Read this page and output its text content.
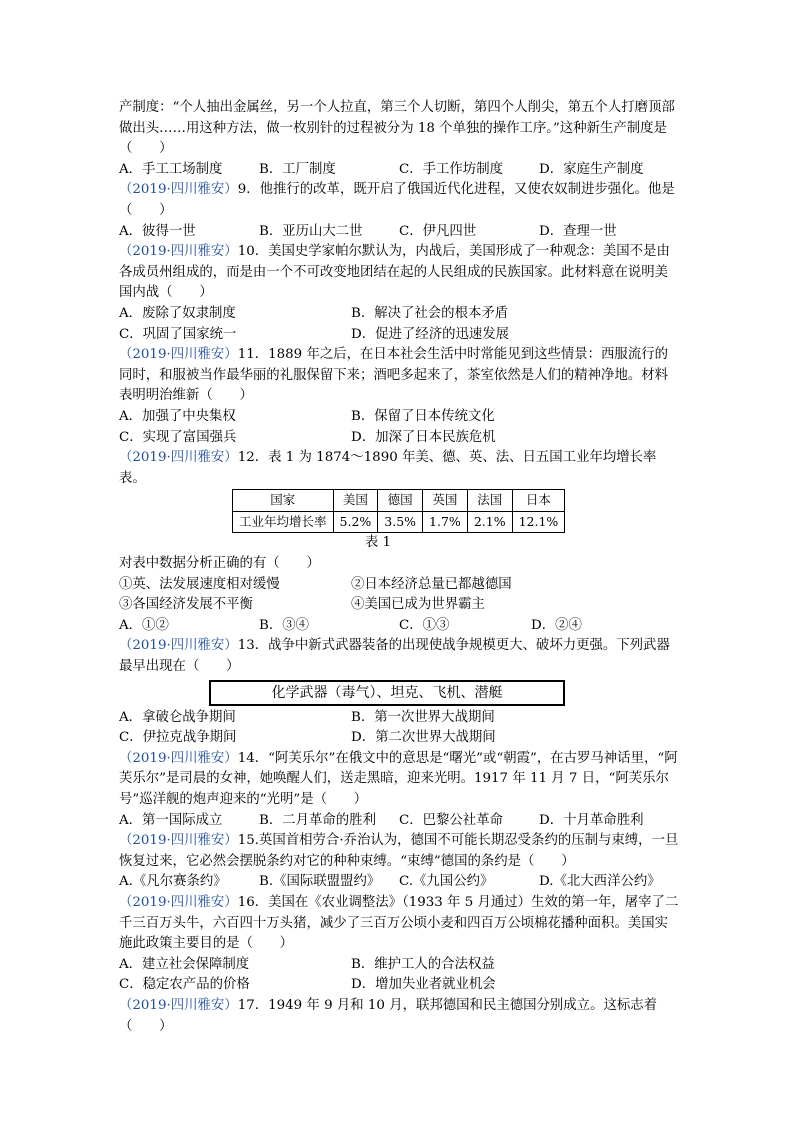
产制度：“个人抽出金属丝，另一个人拉直，第三个人切断，第四个人削尖，第五个人打磨顶部做出头……用这种方法，做一枚别针的过程被分为 18 个单独的操作工序。”这种新生产制度是（　　）

A．手工工场制度	B．工厂制度	C．手工作坊制度	D．家庭生产制度

（2019·四川雅安）9．他推行的改革，既开启了俄国近代化进程，又使农奴制进步强化。他是（　　）

A．彼得一世	B．亚历山大二世	C．伊凡四世	D．查理一世

（2019·四川雅安）10．美国史学家帕尔默认为，内战后，美国形成了一种观念：美国不是由各成员州组成的，而是由一个不可改变地团结在起的人民组成的民族国家。此材料意在说明美国内战（　　）

A．废除了奴隶制度	B．解决了社会的根本矛盾
C．巩固了国家统一	D．促进了经济的迅速发展

（2019·四川雅安）11．1889 年之后，在日本社会生活中时常能见到这些情景：西服流行的同时，和服被当作最华丽的礼服保留下来；酒吧多起来了，茶室依然是人们的精神净地。材料表明明治维新（　　）

A．加强了中央集权	B．保留了日本传统文化
C．实现了富国强兵	D．加深了日本民族危机

（2019·四川雅安）12．表 1 为 1874～1890 年美、德、英、法、日五国工业年均增长率表。

国家	美国	德国	英国	法国	日本
工业年均增长率	5.2%	3.5%	1.7%	2.1%	12.1%
表 1

对表中数据分析正确的有（　　）

①英、法发展速度相对缓慢	②日本经济总量已都越德国
③各国经济发展不平衡	④美国已成为世界霸主
A．①②	B．③④	C．①③	D．②④

（2019·四川雅安）13．战争中新式武器装备的出现使战争规模更大、破坏力更强。下列武器最早出现在（　　）

化学武器（毒气）、坦克、飞机、潜艇
A．拿破仑战争期间	B．第一次世界大战期间
C．伊拉克战争期间	D．第二次世界大战期间

（2019·四川雅安）14．“阿芙乐尔”在俄文中的意思是“曙光”或“朝霞”，在古罗马神话里，“阿芙乐尔”是司晨的女神，她唤醒人们，送走黑暗，迎来光明。1917 年 11 月 7 日，“阿芙乐尔号”巡洋舰的炮声迎来的“光明”是（　　）

A．第一国际成立	B．二月革命的胜利	C．巴黎公社革命	D．十月革命胜利

（2019·四川雅安）15.英国首相劳合·乔治认为，德国不可能长期忍受条约的压制与束缚，一旦恢复过来，它必然会摆脱条约对它的种种束缚。“束缚”德国的条约是（　　）

A.《凡尔赛条约》	B.《国际联盟盟约》	C.《九国公约》	D.《北大西洋公约》

（2019·四川雅安）16．美国在《农业调整法》（1933 年 5 月通过）生效的第一年，屠宰了二千三百万头牛，六百四十万头猪，减少了三百万公顷小麦和四百万公顷棉花播种面积。美国实施此政策主要目的是（　　）

A．建立社会保障制度	B．维护工人的合法权益
C．稳定农产品的价格	D．增加失业者就业机会

（2019·四川雅安）17．1949 年 9 月和 10 月，联邦德国和民主德国分别成立。这标志着（　　）
